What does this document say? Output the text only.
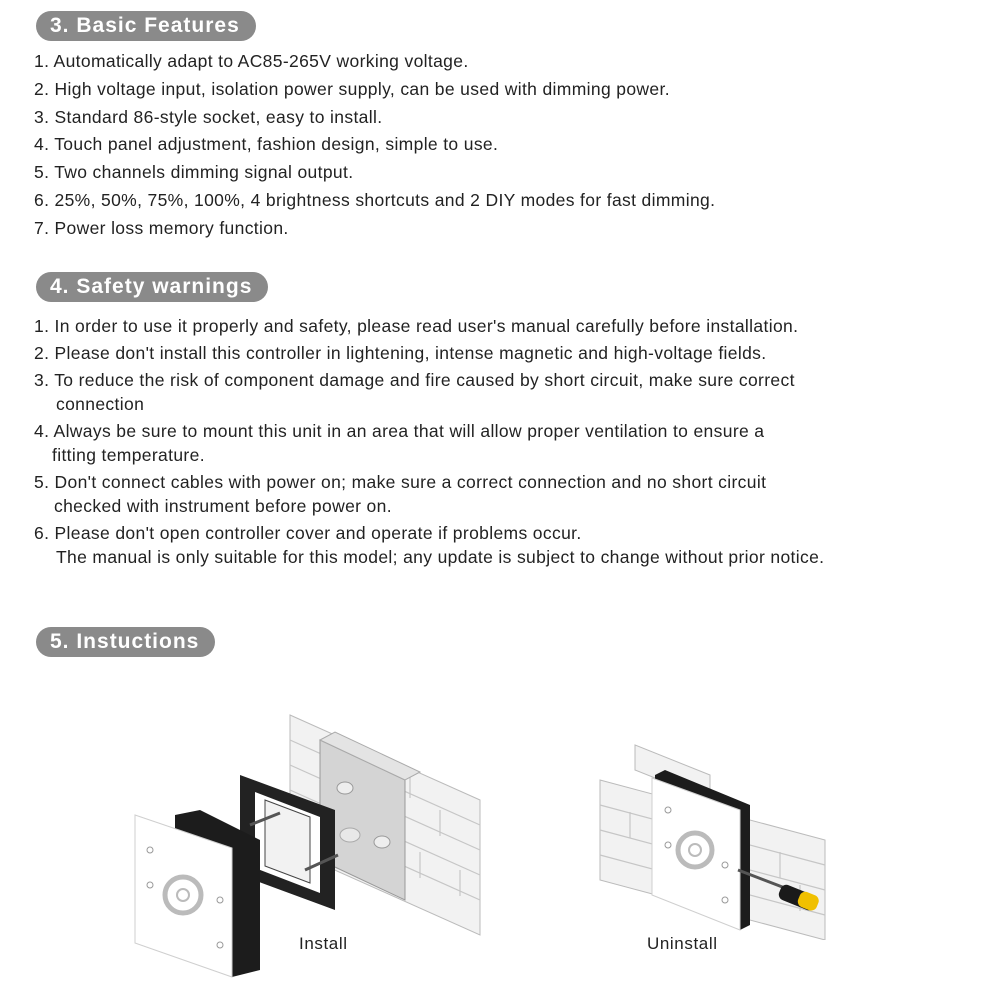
3. Basic Features
1. Automatically adapt to AC85-265V working voltage.
2. High voltage input, isolation power supply, can be used with dimming power.
3. Standard 86-style socket, easy to install.
4. Touch panel adjustment, fashion design, simple to use.
5. Two channels dimming signal output.
6. 25%, 50%, 75%, 100%, 4 brightness shortcuts and 2 DIY modes for fast dimming.
7. Power loss memory function.
4. Safety warnings
1. In order to use it properly and safety, please read user's manual carefully before installation.
2. Please don't install this controller in lightening, intense magnetic and high-voltage fields.
3. To reduce the risk of component damage and fire caused by short circuit, make sure correct
connection
4. Always be sure to mount this unit in an area that will allow proper ventilation to ensure a
fitting temperature.
5. Don't connect cables with power on; make sure a correct connection and no short circuit
checked with instrument before power on.
6. Please don't open controller cover and operate if problems occur.
The manual is only suitable for this model; any update is subject to change without prior notice.
5. Instuctions
Install	Uninstall
